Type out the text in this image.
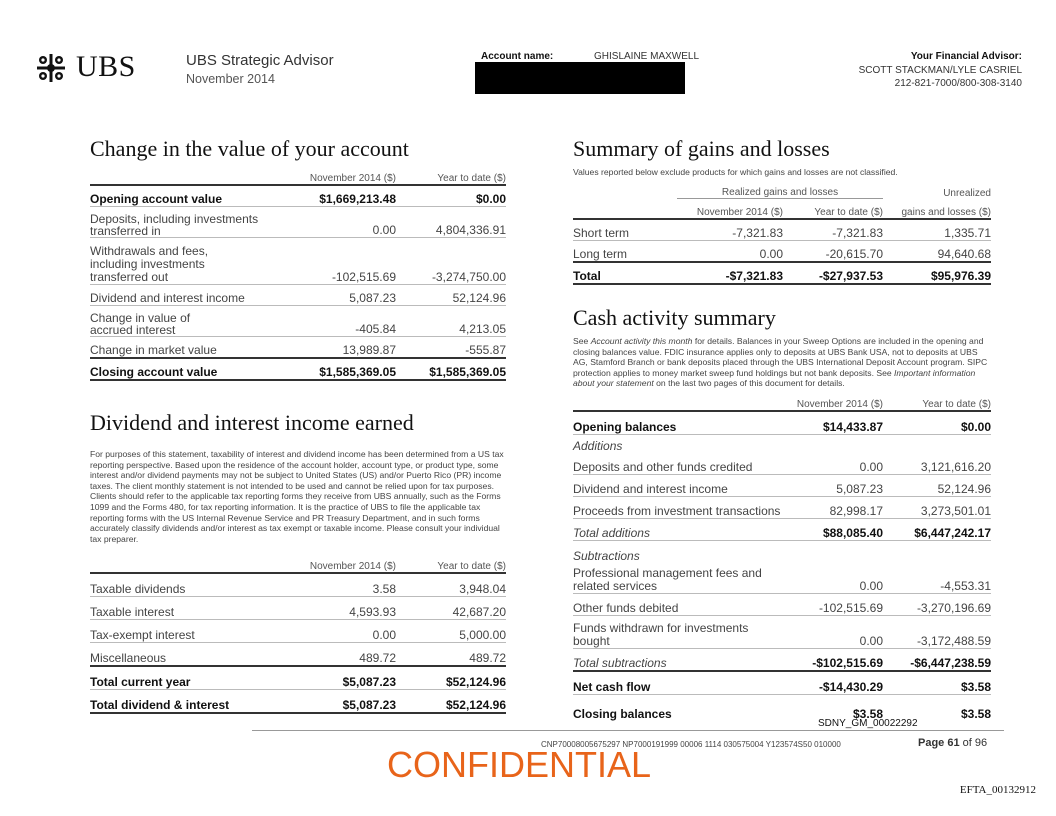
UBS	UBS Strategic Advisor
November 2014
Account name:	GHISLAINE MAXWELL	Your Financial Advisor:
SCOTT STACKMAN/LYLE CASRIEL
212-821-7000/800-308-3140
Change in the value of your account
	November 2014 ($)	Year to date ($)
Opening account value	$1,669,213.48	$0.00
Deposits, including investments transferred in	0.00	4,804,336.91
Withdrawals and fees, including investments transferred out	-102,515.69	-3,274,750.00
Dividend and interest income	5,087.23	52,124.96
Change in value of accrued interest	-405.84	4,213.05
Change in market value	13,989.87	-555.87
Closing account value	$1,585,369.05	$1,585,369.05
Dividend and interest income earned
For purposes of this statement, taxability of interest and dividend income has been determined from a US tax reporting perspective. Based upon the residence of the account holder, account type, or product type, some interest and/or dividend payments may not be subject to United States (US) and/or Puerto Rico (PR) income taxes. The client monthly statement is not intended to be used and cannot be relied upon for tax purposes. Clients should refer to the applicable tax reporting forms they receive from UBS annually, such as the Forms 1099 and the Forms 480, for tax reporting information. It is the practice of UBS to file the applicable tax reporting forms with the US Internal Revenue Service and PR Treasury Department, and in such forms accurately classify dividends and/or interest as tax exempt or taxable income. Please consult your individual tax preparer.
	November 2014 ($)	Year to date ($)
Taxable dividends	3.58	3,948.04
Taxable interest	4,593.93	42,687.20
Tax-exempt interest	0.00	5,000.00
Miscellaneous	489.72	489.72
Total current year	$5,087.23	$52,124.96
Total dividend & interest	$5,087.23	$52,124.96
Summary of gains and losses
Values reported below exclude products for which gains and losses are not classified.
	Realized gains and losses		Unrealized
	November 2014 ($)	Year to date ($)	gains and losses ($)
Short term	-7,321.83	-7,321.83	1,335.71
Long term	0.00	-20,615.70	94,640.68
Total	-$7,321.83	-$27,937.53	$95,976.39
Cash activity summary
See Account activity this month for details. Balances in your Sweep Options are included in the opening and closing balances value. FDIC insurance applies only to deposits at UBS Bank USA, not to deposits at UBS AG, Stamford Branch or bank deposits placed through the UBS International Deposit Account program. SIPC protection applies to money market sweep fund holdings but not bank deposits. See Important information about your statement on the last two pages of this document for details.
	November 2014 ($)	Year to date ($)
Opening balances	$14,433.87	$0.00
Additions		
Deposits and other funds credited	0.00	3,121,616.20
Dividend and interest income	5,087.23	52,124.96
Proceeds from investment transactions	82,998.17	3,273,501.01
Total additions	$88,085.40	$6,447,242.17
Subtractions		
Professional management fees and related services	0.00	-4,553.31
Other funds debited	-102,515.69	-3,270,196.69
Funds withdrawn for investments bought	0.00	-3,172,488.59
Total subtractions	-$102,515.69	-$6,447,238.59
Net cash flow	-$14,430.29	$3.58
Closing balances	$3.58	$3.58
SDNY_GM_00022292
CNP70008005675297 NP7000191999 00006 1114 030575004 Y123574S50 010000	Page 61 of 96
CONFIDENTIAL
EFTA_00132912
